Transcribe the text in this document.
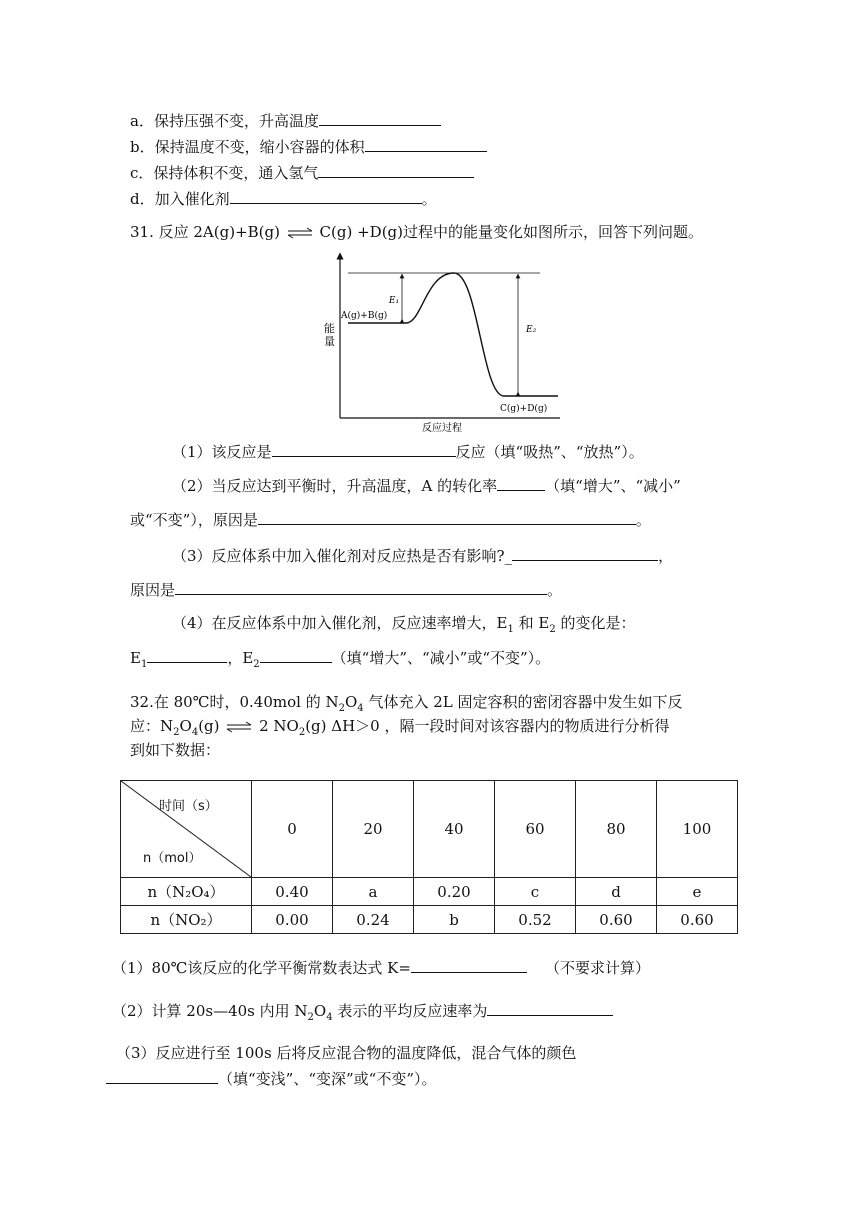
a．保持压强不变，升高温度
b．保持温度不变，缩小容器的体积
c．保持体积不变，通入氢气
d．加入催化剂	。
31. 反应 2A(g)+B(g) ⇌ C(g) +D(g)过程中的能量变化如图所示，回答下列问题。
E₁
E₂
A(g)+B(g)
C(g)+D(g)
能
量
反应过程
（1）该反应是	反应（填“吸热”、“放热”）。
（2）当反应达到平衡时，升高温度，A 的转化率	（填“增大”、“减小”
或“不变”），原因是	。
（3）反应体系中加入催化剂对反应热是否有影响?_	，
原因是	。
（4）在反应体系中加入催化剂，反应速率增大，$E_1$ 和 $E_2$ 的变化是：
$E_1$	，$E_2$	（填“增大”、“减小”或“不变”）。
32.在 80℃时，0.40mol 的 $N_2O_4$ 气体充入 2L 固定容积的密闭容器中发生如下反
应：$N_2O_4(g)$ ⇌ 2 $NO_2(g)$ ΔH＞0 ，隔一段时间对该容器内的物质进行分析得
到如下数据：
时间（s）
n（mol）	0	20	40	60	80	100
n（N₂O₄）	0.40	a	0.20	c	d	e
n（NO₂）	0.00	0.24	b	0.52	0.60	0.60
（1）80℃该反应的化学平衡常数表达式 K=	（不要求计算）
（2）计算 20s—40s 内用 $N_2O_4$ 表示的平均反应速率为
（3）反应进行至 100s 后将反应混合物的温度降低，混合气体的颜色
（填“变浅”、“变深”或“不变”）。
